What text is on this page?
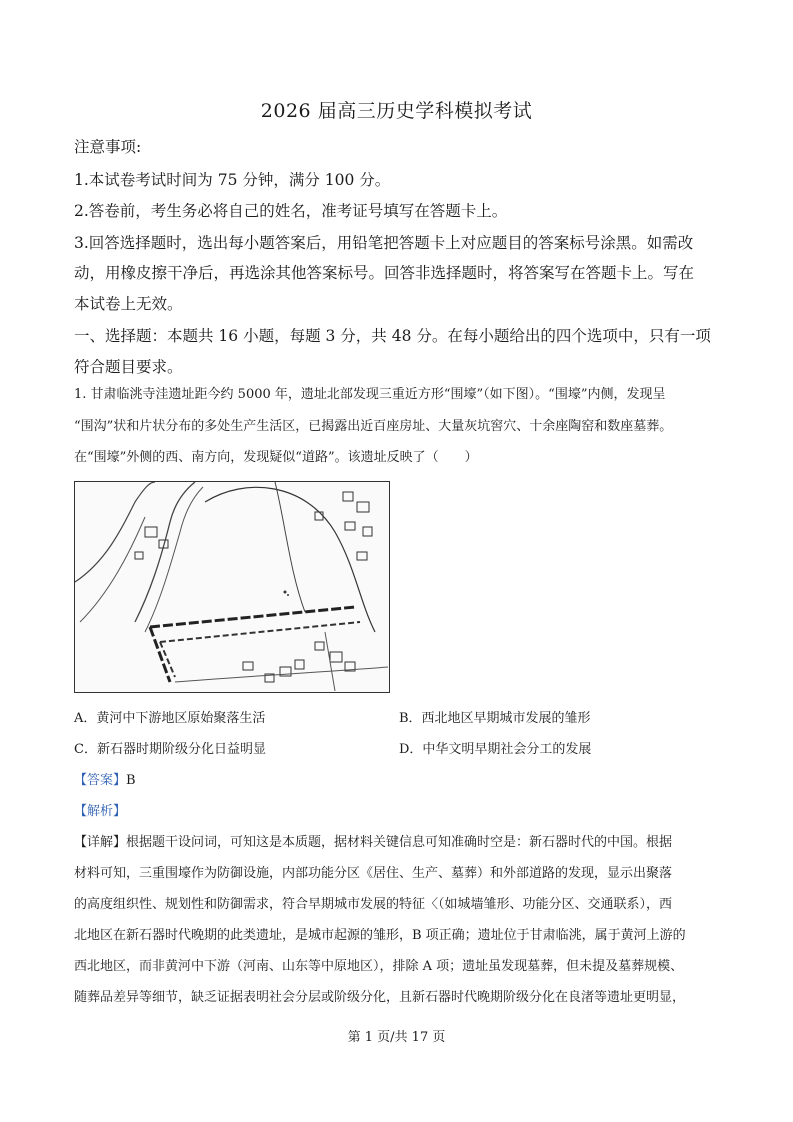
2026 届高三历史学科模拟考试
注意事项:
1.本试卷考试时间为 75 分钟，满分 100 分。
2.答卷前，考生务必将自己的姓名，准考证号填写在答题卡上。
3.回答选择题时，选出每小题答案后，用铅笔把答题卡上对应题目的答案标号涂黑。如需改
动，用橡皮擦干净后，再选涂其他答案标号。回答非选择题时，将答案写在答题卡上。写在
本试卷上无效。
一、选择题：本题共 16 小题，每题 3 分，共 48 分。在每小题给出的四个选项中，只有一项
符合题目要求。
1. 甘肃临洮寺洼遗址距今约 5000 年，遗址北部发现三重近方形“围壕”（如下图）。“围壕”内侧，发现呈
“围沟”状和片状分布的多处生产生活区，已揭露出近百座房址、大量灰坑窖穴、十余座陶窑和数座墓葬。
在“围壕”外侧的西、南方向，发现疑似“道路”。该遗址反映了（　　）
A．黄河中下游地区原始聚落生活	B．西北地区早期城市发展的雏形
C．新石器时期阶级分化日益明显	D．中华文明早期社会分工的发展
【答案】B
【解析】
【详解】根据题干设问词，可知这是本质题，据材料关键信息可知准确时空是：新石器时代的中国。根据
材料可知，三重围壕作为防御设施，内部功能分区《居住、生产、墓葬）和外部道路的发现，显示出聚落
的高度组织性、规划性和防御需求，符合早期城市发展的特征〈（如城墙雏形、功能分区、交通联系），西
北地区在新石器时代晚期的此类遗址，是城市起源的雏形，B 项正确；遗址位于甘肃临洮，属于黄河上游的
西北地区，而非黄河中下游（河南、山东等中原地区），排除 A 项；遗址虽发现墓葬，但未提及墓葬规模、
随葬品差异等细节，缺乏证据表明社会分层或阶级分化，且新石器时代晚期阶级分化在良渚等遗址更明显，
第 1 页/共 17 页
